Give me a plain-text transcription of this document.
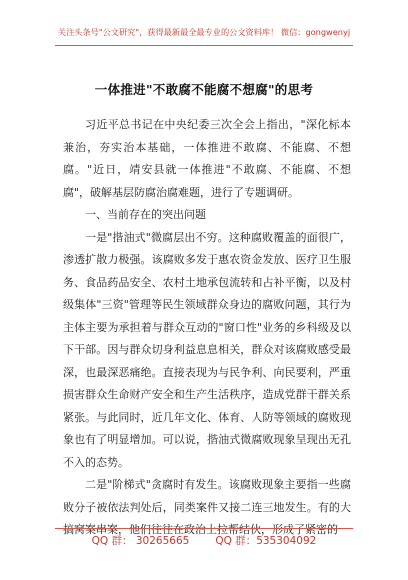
关注头条号"公文研究"，获得最新最全最专业的公文资料库！ 微信：gongwenyj
一体推进"不敢腐不能腐不想腐"的思考

习近平总书记在中央纪委三次全会上指出，"深化标本兼治，夯实治本基础，一体推进不敢腐、不能腐、不想腐。"近日，靖安县就一体推进"不敢腐、不能腐、不想腐"，破解基层防腐治腐难题，进行了专题调研。

一、当前存在的突出问题

一是"揩油式"微腐层出不穷。这种腐败覆盖的面很广，渗透扩散力极强。该腐败多发于惠农资金发放、医疗卫生服务、食品药品安全、农村土地承包流转和占补平衡，以及村级集体"三资"管理等民生领域群众身边的腐败问题，其行为主体主要为承担着与群众互动的"窗口性"业务的乡科级及以下干部。因与群众切身利益息息相关，群众对该腐败感受最深，也最深恶痛绝。直接表现为与民争利、向民要利，严重损害群众生命财产安全和生产生活秩序，造成党群干群关系紧张。与此同时，近几年文化、体育、人防等领域的腐败现象也有了明显增加。可以说，揩油式微腐败现象呈现出无孔不入的态势。

二是"阶梯式"贪腐时有发生。该腐败现象主要指一些腐败分子被依法判处后，同类案件又接二连三地发生。有的大搞窝案串案，他们往往在政治上拉帮结伙，形成了紧密的

QQ 群： 30265665 QQ 群：535304092
